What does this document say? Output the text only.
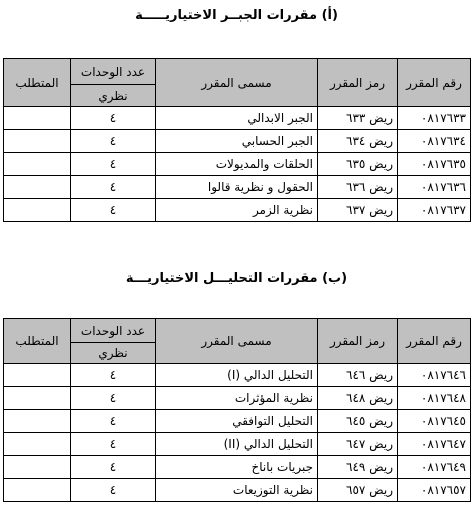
(أ) مقررات الجبــر الاختياريـــــة
رقم المقرر	رمز المقرر	مسمى المقرر	عدد الوحدات	المتطلب
			نظري	
٠٨١٧٦٣٣	ريض ٦٣٣	الجبر الابدالي	٤	
٠٨١٧٦٣٤	ريض ٦٣٤	الجبر الحسابي	٤	
٠٨١٧٦٣٥	ريض ٦٣٥	الحلقات والمديولات	٤	
٠٨١٧٦٣٦	ريض ٦٣٦	الحقول و نظرية قالوا	٤	
٠٨١٧٦٣٧	ريض ٦٣٧	نظرية الزمر	٤	
(ب) مقررات التحليـــل الاختياريـــة
رقم المقرر	رمز المقرر	مسمى المقرر	عدد الوحدات	المتطلب
			نظري	
٠٨١٧٦٤٦	ريض ٦٤٦	التحليل الدالي (I)	٤	
٠٨١٧٦٤٨	ريض ٦٤٨	نظرية المؤثرات	٤	
٠٨١٧٦٤٥	ريض ٦٤٥	التحليل التوافقي	٤	
٠٨١٧٦٤٧	ريض ٦٤٧	التحليل الدالي (II)	٤	
٠٨١٧٦٤٩	ريض ٦٤٩	جبريات باناخ	٤	
٠٨١٧٦٥٧	ريض ٦٥٧	نظرية التوزيعات	٤	
